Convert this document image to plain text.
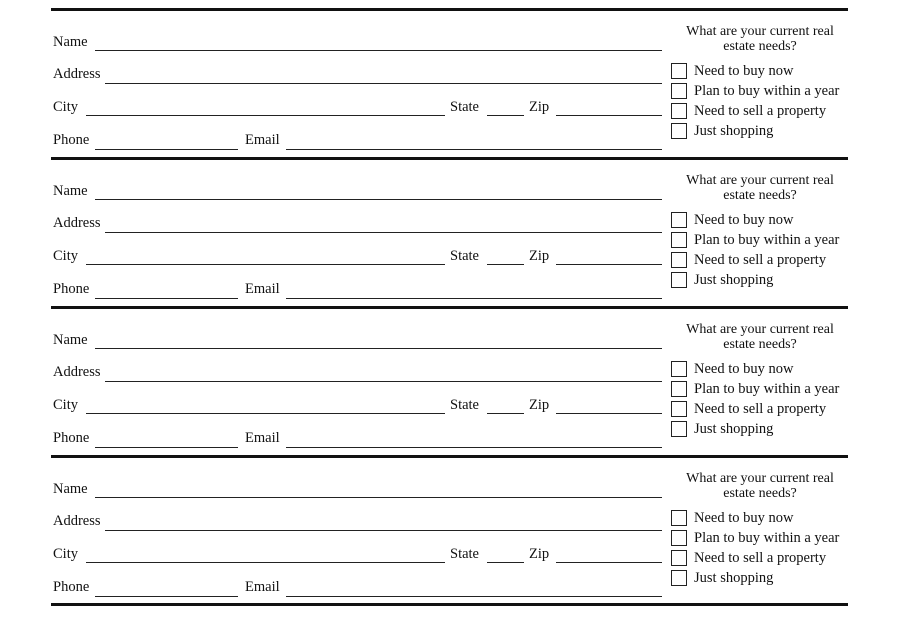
Name
Address
City	State	Zip
Phone	Email
What are your current real estate needs?
Need to buy now
Plan to buy within a year
Need to sell a property
Just shopping
Name
Address
City	State	Zip
Phone	Email
What are your current real estate needs?
Need to buy now
Plan to buy within a year
Need to sell a property
Just shopping
Name
Address
City	State	Zip
Phone	Email
What are your current real estate needs?
Need to buy now
Plan to buy within a year
Need to sell a property
Just shopping
Name
Address
City	State	Zip
Phone	Email
What are your current real estate needs?
Need to buy now
Plan to buy within a year
Need to sell a property
Just shopping
